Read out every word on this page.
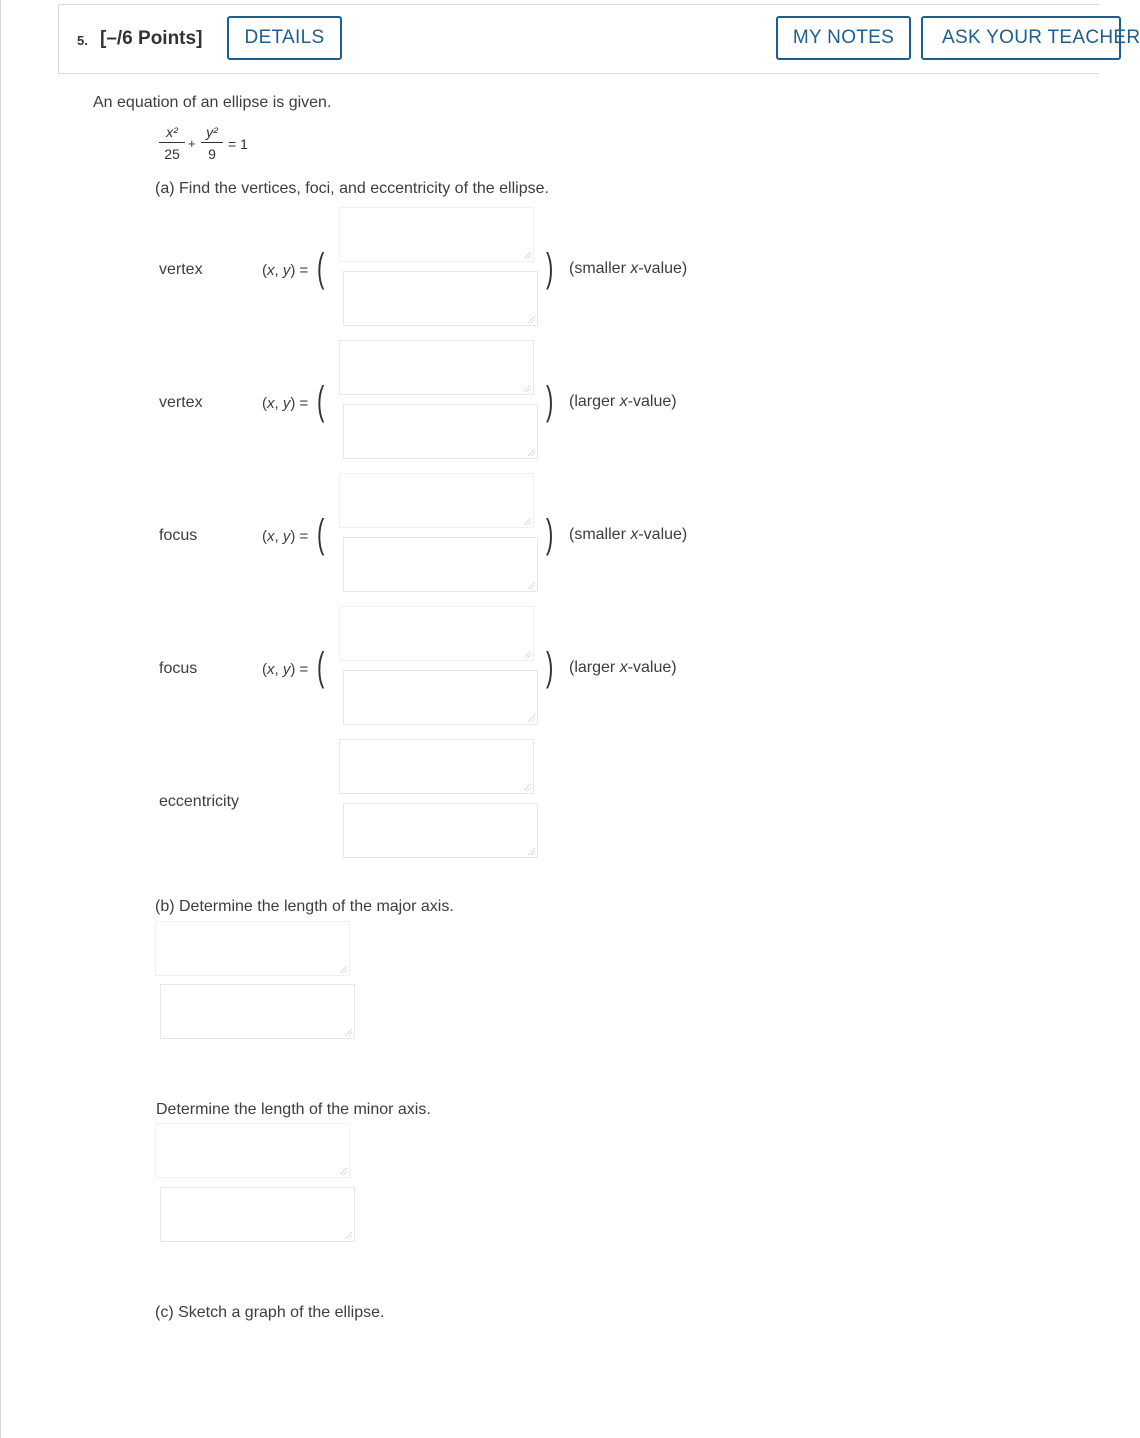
5. [–/6 Points]	DETAILS	MY NOTES	ASK YOUR TEACHER
An equation of an ellipse is given.
x²
25
+
y²
9
= 1
(a) Find the vertices, foci, and eccentricity of the ellipse.
vertex	(x, y) = (	) (smaller x-value)
vertex	(x, y) = (	) (larger x-value)
focus	(x, y) = (	) (smaller x-value)
focus	(x, y) = (	) (larger x-value)
eccentricity
(b) Determine the length of the major axis.
Determine the length of the minor axis.
(c) Sketch a graph of the ellipse.
